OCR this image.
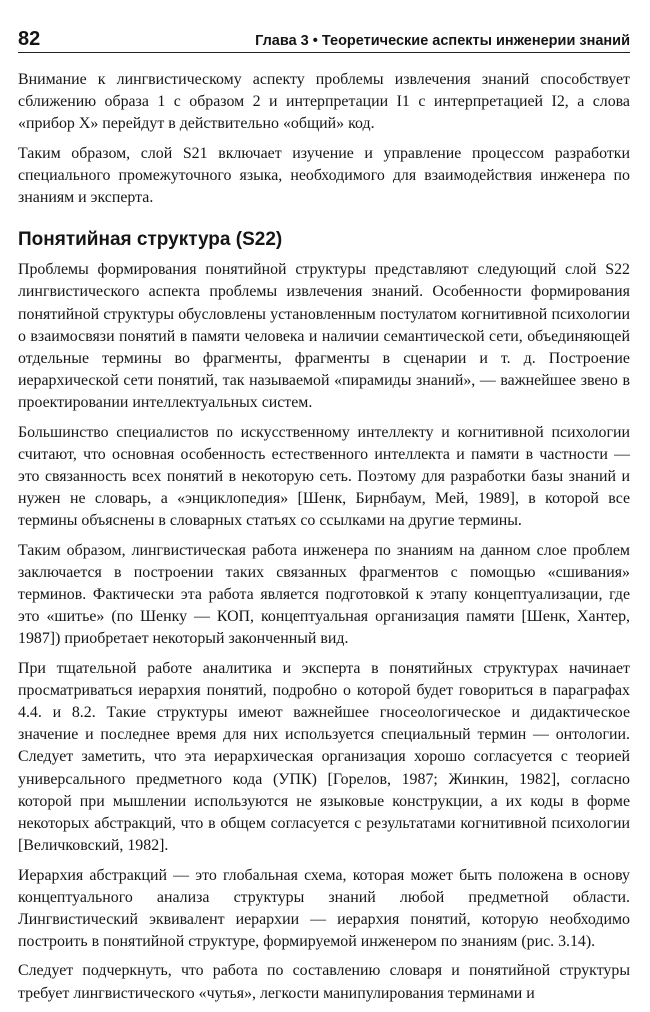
82	Глава 3 • Теоретические аспекты инженерии знаний

Внимание к лингвистическому аспекту проблемы извлечения знаний способствует сближению образа 1 с образом 2 и интерпретации I1 с интерпретацией I2, а слова «прибор X» перейдут в действительно «общий» код.

Таким образом, слой S21 включает изучение и управление процессом разработки специального промежуточного языка, необходимого для взаимодействия инженера по знаниям и эксперта.

Понятийная структура (S22)

Проблемы формирования понятийной структуры представляют следующий слой S22 лингвистического аспекта проблемы извлечения знаний. Особенности формирования понятийной структуры обусловлены установленным постулатом когнитивной психологии о взаимосвязи понятий в памяти человека и наличии семантической сети, объединяющей отдельные термины во фрагменты, фрагменты в сценарии и т. д. Построение иерархической сети понятий, так называемой «пирамиды знаний», — важнейшее звено в проектировании интеллектуальных систем.

Большинство специалистов по искусственному интеллекту и когнитивной психологии считают, что основная особенность естественного интеллекта и памяти в частности — это связанность всех понятий в некоторую сеть. Поэтому для разработки базы знаний и нужен не словарь, а «энциклопедия» [Шенк, Бирнбаум, Мей, 1989], в которой все термины объяснены в словарных статьях со ссылками на другие термины.

Таким образом, лингвистическая работа инженера по знаниям на данном слое проблем заключается в построении таких связанных фрагментов с помощью «сшивания» терминов. Фактически эта работа является подготовкой к этапу концептуализации, где это «шитье» (по Шенку — КОП, концептуальная организация памяти [Шенк, Хантер, 1987]) приобретает некоторый законченный вид.

При тщательной работе аналитика и эксперта в понятийных структурах начинает просматриваться иерархия понятий, подробно о которой будет говориться в параграфах 4.4. и 8.2. Такие структуры имеют важнейшее гносеологическое и дидактическое значение и последнее время для них используется специальный термин — онтологии. Следует заметить, что эта иерархическая организация хорошо согласуется с теорией универсального предметного кода (УПК) [Горелов, 1987; Жинкин, 1982], согласно которой при мышлении используются не языковые конструкции, а их коды в форме некоторых абстракций, что в общем согласуется с результатами когнитивной психологии [Величковский, 1982].

Иерархия абстракций — это глобальная схема, которая может быть положена в основу концептуального анализа структуры знаний любой предметной области. Лингвистический эквивалент иерархии — иерархия понятий, которую необходимо построить в понятийной структуре, формируемой инженером по знаниям (рис. 3.14).

Следует подчеркнуть, что работа по составлению словаря и понятийной структуры требует лингвистического «чутья», легкости манипулирования терминами и
